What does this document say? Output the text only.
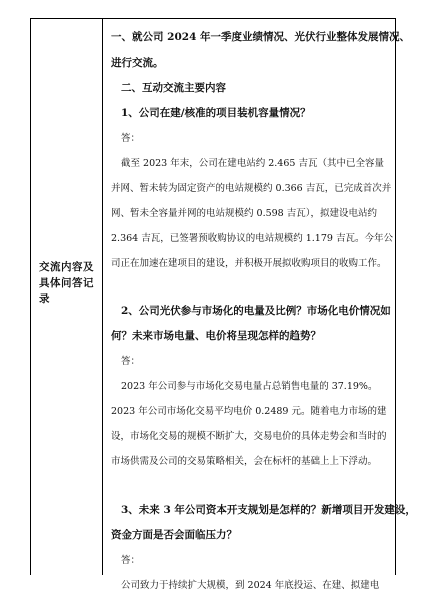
交流内容及
具体问答记
录
一、就公司 2024 年一季度业绩情况、光伏行业整体发展情况、
进行交流。
二、互动交流主要内容
1、公司在建/核准的项目装机容量情况？
答：
截至 2023 年末，公司在建电站约 2.465 吉瓦（其中已全容量
并网、暂未转为固定资产的电站规模约 0.366 吉瓦，已完成首次并
网、暂未全容量并网的电站规模约 0.598 吉瓦），拟建设电站约
2.364 吉瓦，已签署预收购协议的电站规模约 1.179 吉瓦。今年公
司正在加速在建项目的建设，并积极开展拟收购项目的收购工作。
2、公司光伏参与市场化的电量及比例？市场化电价情况如
何？未来市场电量、电价将呈现怎样的趋势？
答：
2023 年公司参与市场化交易电量占总销售电量的 37.19%。
2023 年公司市场化交易平均电价 0.2489 元。随着电力市场的建
设，市场化交易的规模不断扩大，交易电价的具体走势会和当时的
市场供需及公司的交易策略相关，会在标杆的基础上上下浮动。
3、未来 3 年公司资本开支规划是怎样的？新增项目开发建设，
资金方面是否会面临压力？
答：
公司致力于持续扩大规模，到 2024 年底投运、在建、拟建电
